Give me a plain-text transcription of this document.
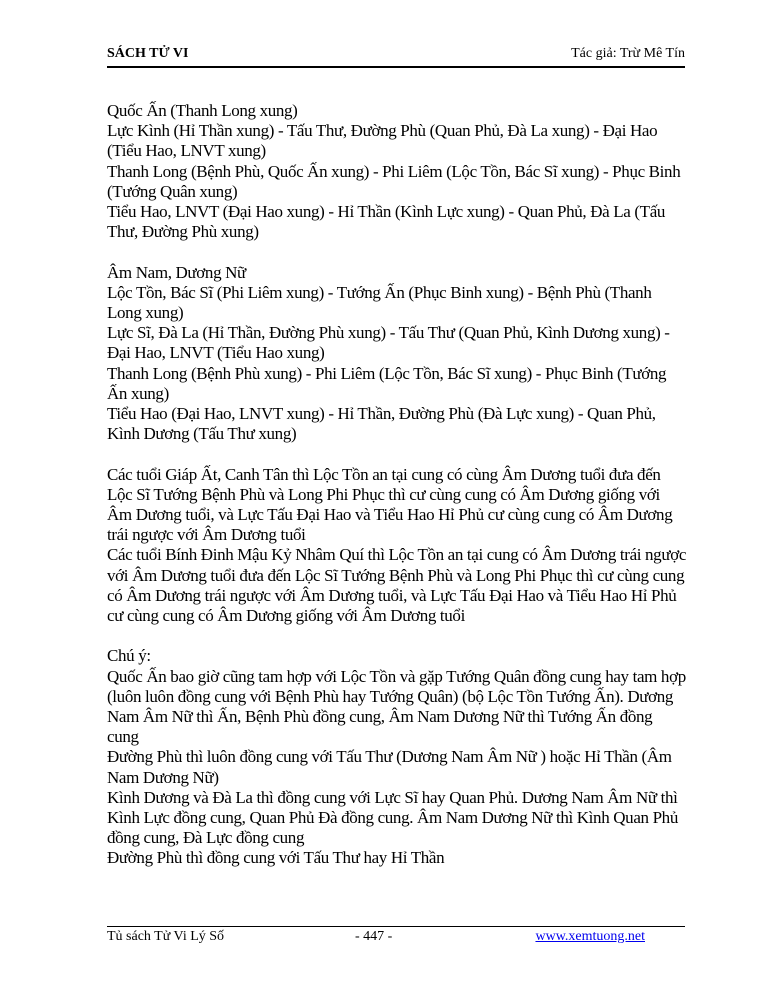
SÁCH TỬ VI	Tác giả: Trừ Mê Tín

Quốc Ấn (Thanh Long xung)

Lực Kình (Hỉ Thần xung) - Tấu Thư, Đường Phù (Quan Phủ, Đà La xung) - Đại Hao (Tiểu Hao, LNVT xung)

Thanh Long (Bệnh Phù, Quốc Ấn xung) - Phi Liêm (Lộc Tồn, Bác Sĩ xung) - Phục Binh (Tướng Quân xung)

Tiểu Hao, LNVT (Đại Hao xung) - Hỉ Thần (Kình Lực xung) - Quan Phủ, Đà La (Tấu Thư, Đường Phù xung)

Âm Nam, Dương Nữ

Lộc Tồn, Bác Sĩ (Phi Liêm xung) - Tướng Ấn (Phục Binh xung) - Bệnh Phù (Thanh Long xung)

Lực Sĩ, Đà La (Hỉ Thần, Đường Phù xung) - Tấu Thư (Quan Phủ, Kình Dương xung) - Đại Hao, LNVT (Tiểu Hao xung)

Thanh Long (Bệnh Phù xung) - Phi Liêm (Lộc Tồn, Bác Sĩ xung) - Phục Binh (Tướng Ấn xung)

Tiểu Hao (Đại Hao, LNVT xung) - Hỉ Thần, Đường Phù (Đà Lực xung) - Quan Phủ, Kình Dương (Tấu Thư xung)

Các tuổi Giáp Ất, Canh Tân thì Lộc Tồn an tại cung có cùng Âm Dương tuổi đưa đến Lộc Sĩ Tướng Bệnh Phù và Long Phi Phục thì cư cùng cung có Âm Dương giống với Âm Dương tuổi, và Lực Tấu Đại Hao và Tiểu Hao Hỉ Phủ cư cùng cung có Âm Dương trái ngược với Âm Dương tuổi

Các tuổi Bính Đinh Mậu Kỷ Nhâm Quí thì Lộc Tồn an tại cung có Âm Dương trái ngược với Âm Dương tuổi đưa đến Lộc Sĩ Tướng Bệnh Phù và Long Phi Phục thì cư cùng cung có Âm Dương trái ngược với Âm Dương tuổi, và Lực Tấu Đại Hao và Tiểu Hao Hỉ Phủ cư cùng cung có Âm Dương giống với Âm Dương tuổi

Chú ý:

Quốc Ấn bao giờ cũng tam hợp với Lộc Tồn và gặp Tướng Quân đồng cung hay tam hợp (luôn luôn đồng cung với Bệnh Phù hay Tướng Quân) (bộ Lộc Tồn Tướng Ấn). Dương Nam Âm Nữ thì Ấn, Bệnh Phù đồng cung, Âm Nam Dương Nữ thì Tướng Ấn đồng cung

Đường Phù thì luôn đồng cung với Tấu Thư (Dương Nam Âm Nữ ) hoặc Hỉ Thần (Âm Nam Dương Nữ)

Kình Dương và Đà La thì đồng cung với Lực Sĩ hay Quan Phủ. Dương Nam Âm Nữ thì Kình Lực đồng cung, Quan Phủ Đà đồng cung. Âm Nam Dương Nữ thì Kình Quan Phủ đồng cung, Đà Lực đồng cung

Đường Phù thì đồng cung với Tấu Thư hay Hỉ Thần

Tủ sách Tử Vi Lý Số	- 447 -	www.xemtuong.net
